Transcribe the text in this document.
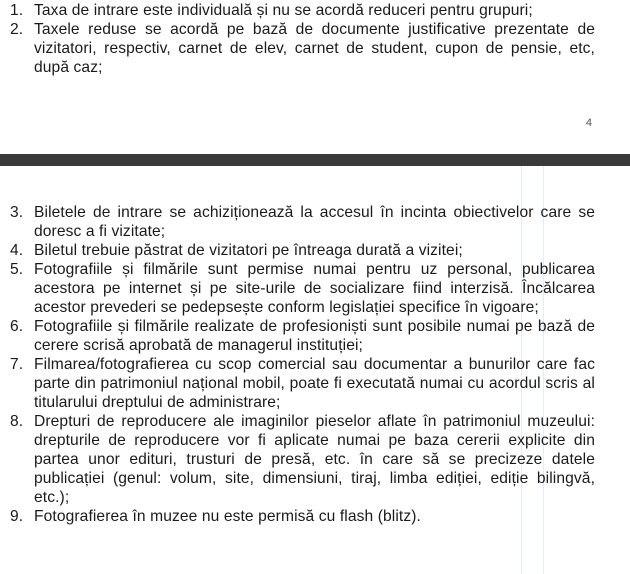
1. Taxa de intrare este individuală și nu se acordă reduceri pentru grupuri;
2. Taxele reduse se acordă pe bază de documente justificative prezentate de vizitatori, respectiv, carnet de elev, carnet de student, cupon de pensie, etc, după caz;
4
3. Biletele de intrare se achiziționează la accesul în incinta obiectivelor care se doresc a fi vizitate;
4. Biletul trebuie păstrat de vizitatori pe întreaga durată a vizitei;
5. Fotografiile și filmările sunt permise numai pentru uz personal, publicarea acestora pe internet și pe site-urile de socializare fiind interzisă. Încălcarea acestor prevederi se pedepsește conform legislației specifice în vigoare;
6. Fotografiile și filmările realizate de profesioniști sunt posibile numai pe bază de cerere scrisă aprobată de managerul instituției;
7. Filmarea/fotografierea cu scop comercial sau documentar a bunurilor care fac parte din patrimoniul național mobil, poate fi executată numai cu acordul scris al titularului dreptului de administrare;
8. Drepturi de reproducere ale imaginilor pieselor aflate în patrimoniul muzeului: drepturile de reproducere vor fi aplicate numai pe baza cererii explicite din partea unor edituri, trusturi de presă, etc. în care să se precizeze datele publicației (genul: volum, site, dimensiuni, tiraj, limba ediției, ediție bilingvă, etc.);
9. Fotografierea în muzee nu este permisă cu flash (blitz).
